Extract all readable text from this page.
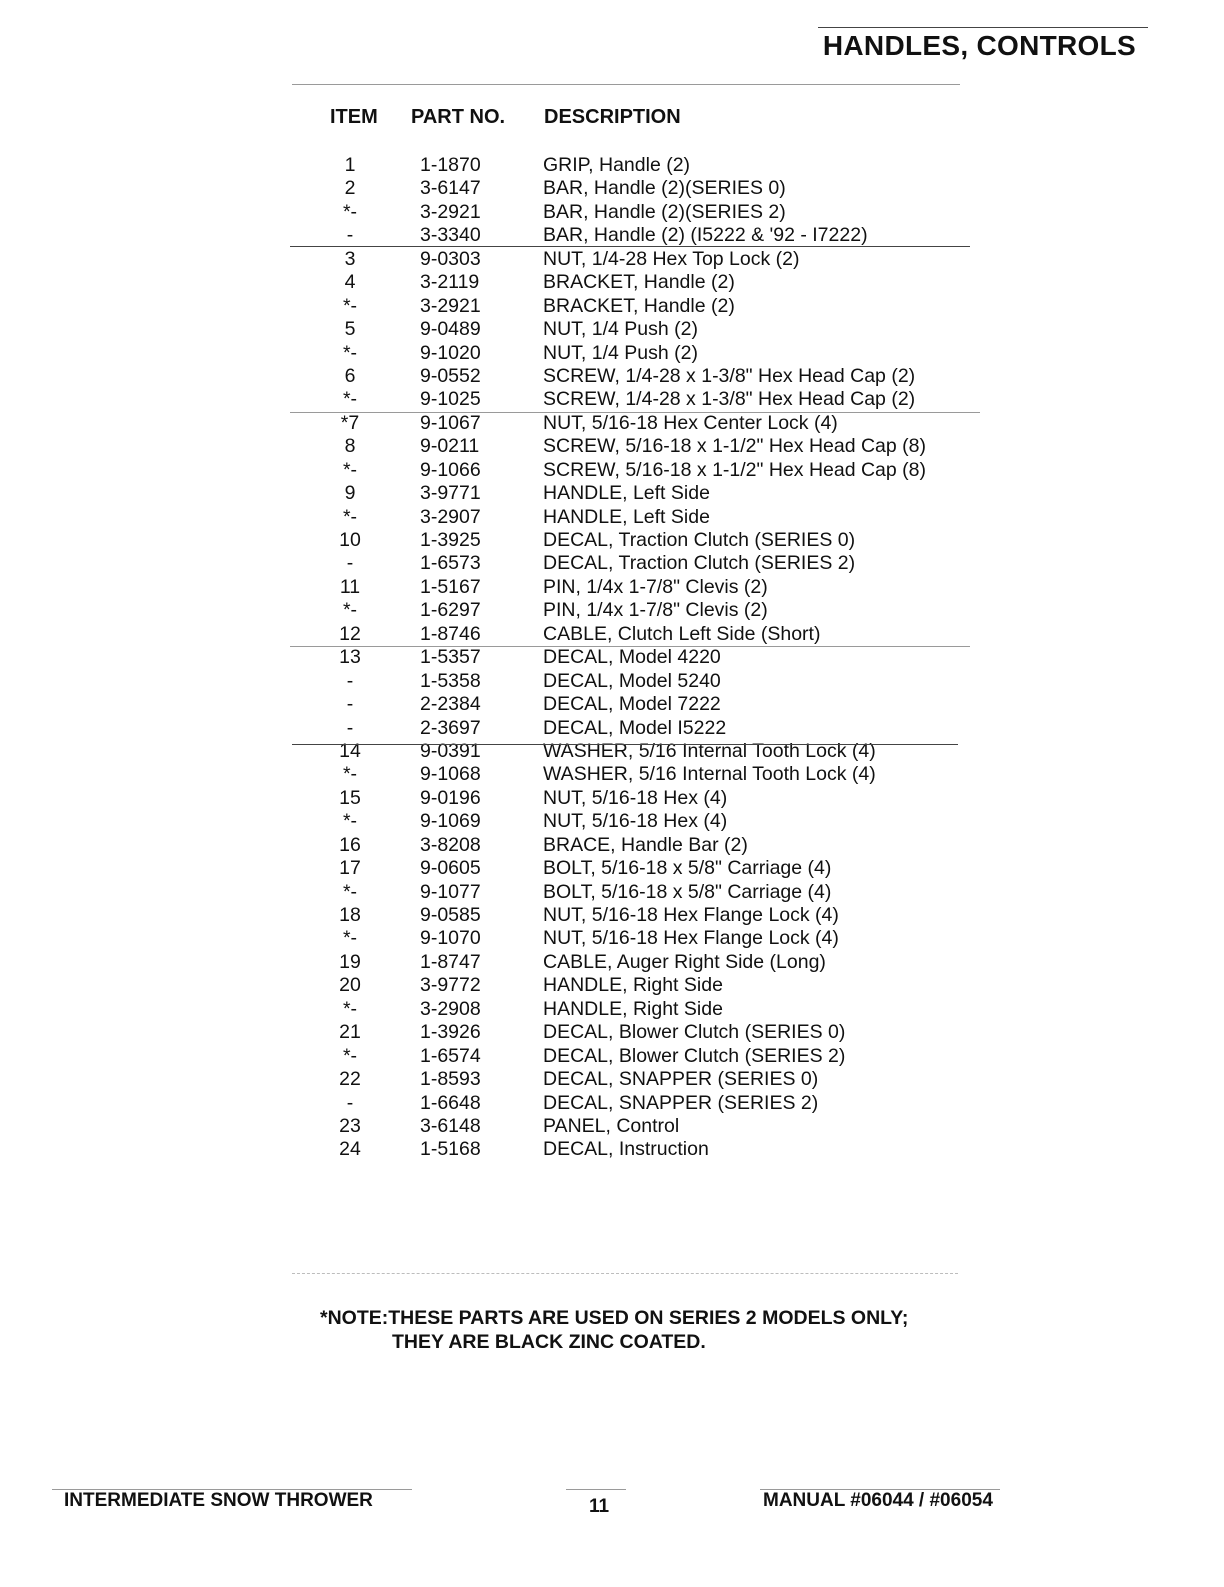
HANDLES, CONTROLS
ITEM PART NO. DESCRIPTION
1	1-1870	GRIP, Handle (2)
2	3-6147	BAR, Handle (2)(SERIES 0)
*-	3-2921	BAR, Handle (2)(SERIES 2)
-	3-3340	BAR, Handle (2) (I5222 & '92 - I7222)
3	9-0303	NUT, 1/4-28 Hex Top Lock (2)
4	3-2119	BRACKET, Handle (2)
*-	3-2921	BRACKET, Handle (2)
5	9-0489	NUT, 1/4 Push (2)
*-	9-1020	NUT, 1/4 Push (2)
6	9-0552	SCREW, 1/4-28 x 1-3/8" Hex Head Cap (2)
*-	9-1025	SCREW, 1/4-28 x 1-3/8" Hex Head Cap (2)
*7	9-1067	NUT, 5/16-18 Hex Center Lock (4)
8	9-0211	SCREW, 5/16-18 x 1-1/2" Hex Head Cap (8)
*-	9-1066	SCREW, 5/16-18 x 1-1/2" Hex Head Cap (8)
9	3-9771	HANDLE, Left Side
*-	3-2907	HANDLE, Left Side
10	1-3925	DECAL, Traction Clutch (SERIES 0)
-	1-6573	DECAL, Traction Clutch (SERIES 2)
11	1-5167	PIN, 1/4x 1-7/8" Clevis (2)
*-	1-6297	PIN, 1/4x 1-7/8" Clevis (2)
12	1-8746	CABLE, Clutch Left Side (Short)
13	1-5357	DECAL, Model 4220
-	1-5358	DECAL, Model 5240
-	2-2384	DECAL, Model 7222
-	2-3697	DECAL, Model I5222
14	9-0391	WASHER, 5/16 Internal Tooth Lock (4)
*-	9-1068	WASHER, 5/16 Internal Tooth Lock (4)
15	9-0196	NUT, 5/16-18 Hex (4)
*-	9-1069	NUT, 5/16-18 Hex (4)
16	3-8208	BRACE, Handle Bar (2)
17	9-0605	BOLT, 5/16-18 x 5/8" Carriage (4)
*-	9-1077	BOLT, 5/16-18 x 5/8" Carriage (4)
18	9-0585	NUT, 5/16-18 Hex Flange Lock (4)
*-	9-1070	NUT, 5/16-18 Hex Flange Lock (4)
19	1-8747	CABLE, Auger Right Side (Long)
20	3-9772	HANDLE, Right Side
*-	3-2908	HANDLE, Right Side
21	1-3926	DECAL, Blower Clutch (SERIES 0)
*-	1-6574	DECAL, Blower Clutch (SERIES 2)
22	1-8593	DECAL, SNAPPER (SERIES 0)
-	1-6648	DECAL, SNAPPER (SERIES 2)
23	3-6148	PANEL, Control
24	1-5168	DECAL, Instruction
*NOTE:THESE PARTS ARE USED ON SERIES 2 MODELS ONLY;
THEY ARE BLACK ZINC COATED.
INTERMEDIATE SNOW THROWER	11	MANUAL #06044 / #06054
